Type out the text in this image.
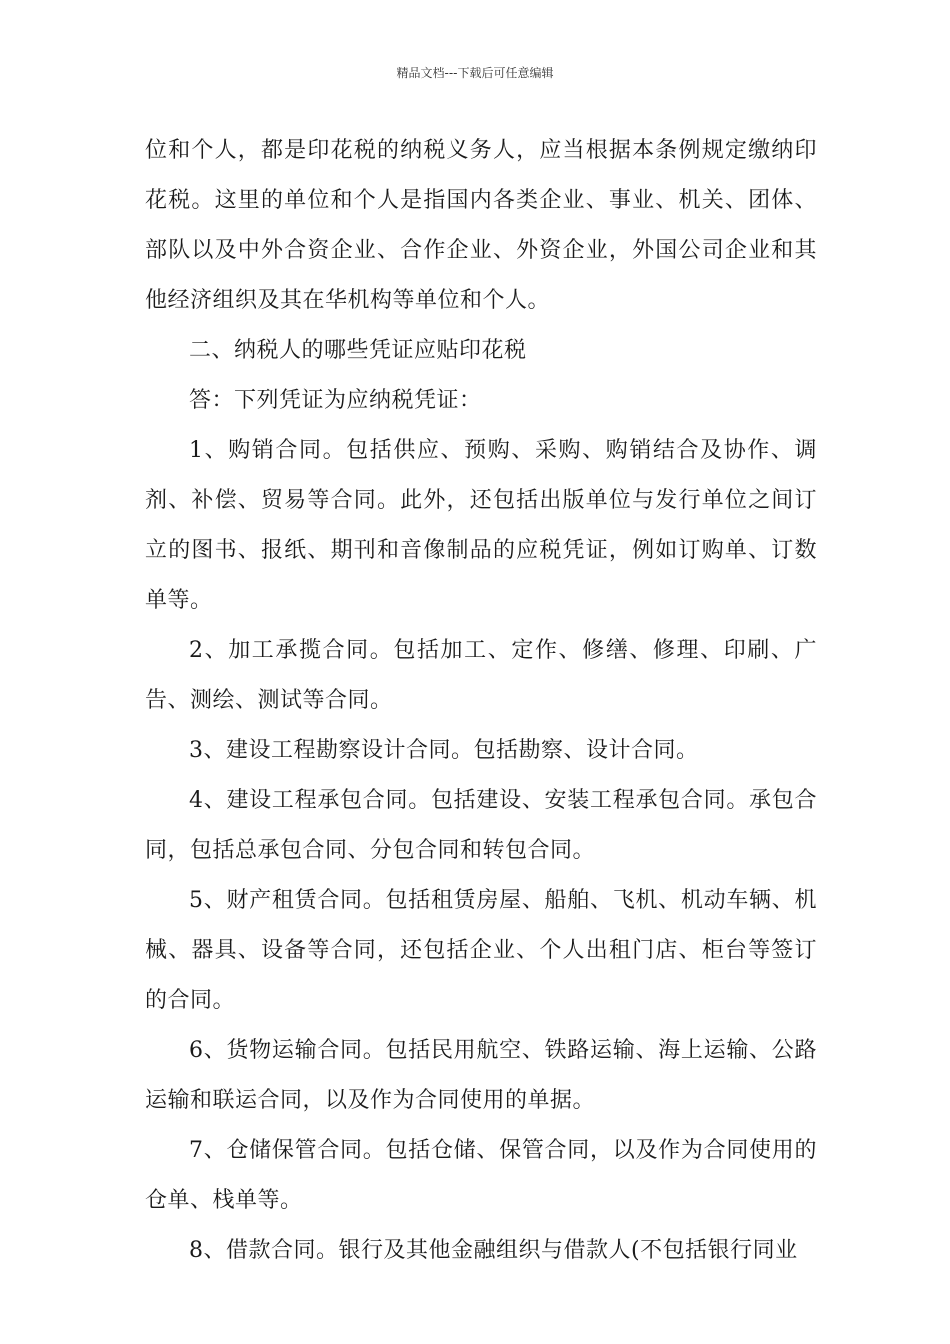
精品文档---下载后可任意编辑

位和个人，都是印花税的纳税义务人，应当根据本条例规定缴纳印花税。这里的单位和个人是指国内各类企业、事业、机关、团体、部队以及中外合资企业、合作企业、外资企业，外国公司企业和其他经济组织及其在华机构等单位和个人。

二、纳税人的哪些凭证应贴印花税

答：下列凭证为应纳税凭证：

1、购销合同。包括供应、预购、采购、购销结合及协作、调剂、补偿、贸易等合同。此外，还包括出版单位与发行单位之间订立的图书、报纸、期刊和音像制品的应税凭证，例如订购单、订数单等。

2、加工承揽合同。包括加工、定作、修缮、修理、印刷、广告、测绘、测试等合同。

3、建设工程勘察设计合同。包括勘察、设计合同。

4、建设工程承包合同。包括建设、安装工程承包合同。承包合同，包括总承包合同、分包合同和转包合同。

5、财产租赁合同。包括租赁房屋、船舶、飞机、机动车辆、机械、器具、设备等合同，还包括企业、个人出租门店、柜台等签订的合同。

6、货物运输合同。包括民用航空、铁路运输、海上运输、公路运输和联运合同，以及作为合同使用的单据。

7、仓储保管合同。包括仓储、保管合同，以及作为合同使用的仓单、栈单等。

8、借款合同。银行及其他金融组织与借款人(不包括银行同业
